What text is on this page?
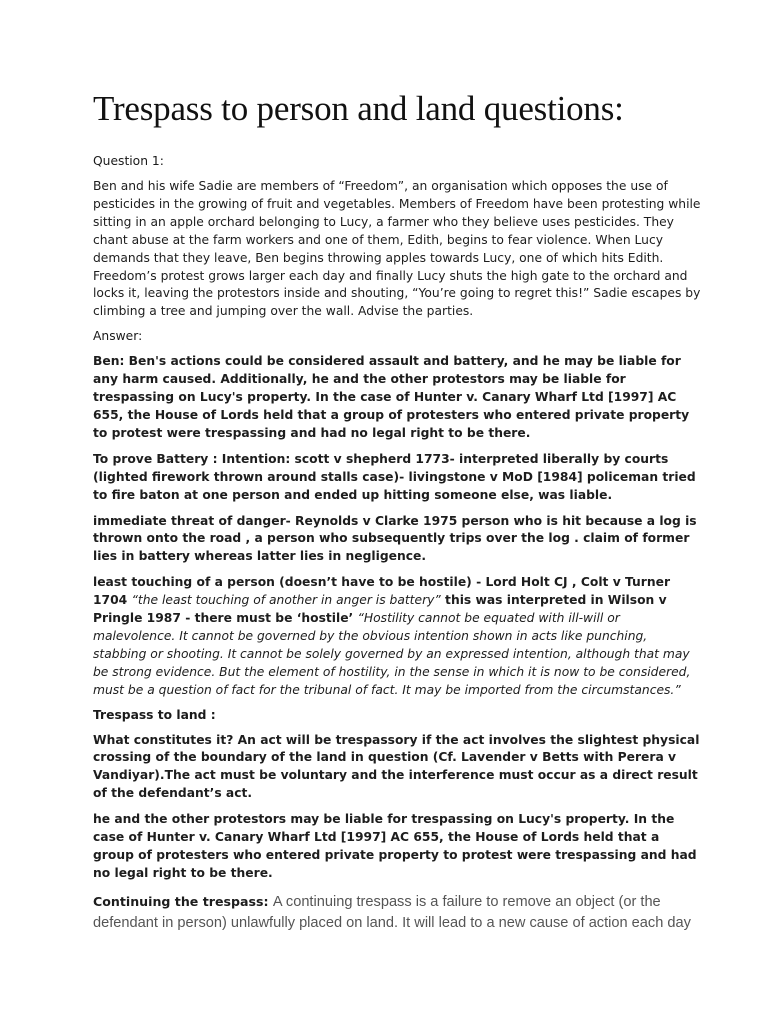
Trespass to person and land questions:
Question 1:

Ben and his wife Sadie are members of “Freedom”, an organisation which opposes the use of pesticides in the growing of fruit and vegetables. Members of Freedom have been protesting while sitting in an apple orchard belonging to Lucy, a farmer who they believe uses pesticides. They chant abuse at the farm workers and one of them, Edith, begins to fear violence. When Lucy demands that they leave, Ben begins throwing apples towards Lucy, one of which hits Edith. Freedom’s protest grows larger each day and finally Lucy shuts the high gate to the orchard and locks it, leaving the protestors inside and shouting, “You’re going to regret this!” Sadie escapes by climbing a tree and jumping over the wall. Advise the parties.

Answer:

Ben: Ben's actions could be considered assault and battery, and he may be liable for any harm caused. Additionally, he and the other protestors may be liable for trespassing on Lucy's property. In the case of Hunter v. Canary Wharf Ltd [1997] AC 655, the House of Lords held that a group of protesters who entered private property to protest were trespassing and had no legal right to be there.

To prove Battery : Intention: scott v shepherd 1773- interpreted liberally by courts (lighted firework thrown around stalls case)- livingstone v MoD [1984] policeman tried to fire baton at one person and ended up hitting someone else, was liable.

immediate threat of danger- Reynolds v Clarke 1975 person who is hit because a log is thrown onto the road , a person who subsequently trips over the log . claim of former lies in battery whereas latter lies in negligence.

least touching of a person (doesn’t have to be hostile) - Lord Holt CJ , Colt v Turner 1704 “the least touching of another in anger is battery” this was interpreted in Wilson v Pringle 1987 - there must be ‘hostile’ “Hostility cannot be equated with ill-will or malevolence. It cannot be governed by the obvious intention shown in acts like punching, stabbing or shooting. It cannot be solely governed by an expressed intention, although that may be strong evidence. But the element of hostility, in the sense in which it is now to be considered, must be a question of fact for the tribunal of fact. It may be imported from the circumstances.”

Trespass to land :

What constitutes it? An act will be trespassory if the act involves the slightest physical crossing of the boundary of the land in question (Cf. Lavender v Betts with Perera v Vandiyar).The act must be voluntary and the interference must occur as a direct result of the defendant’s act.

he and the other protestors may be liable for trespassing on Lucy's property. In the case of Hunter v. Canary Wharf Ltd [1997] AC 655, the House of Lords held that a group of protesters who entered private property to protest were trespassing and had no legal right to be there.

Continuing the trespass: A continuing trespass is a failure to remove an object (or the defendant in person) unlawfully placed on land. It will lead to a new cause of action each day
